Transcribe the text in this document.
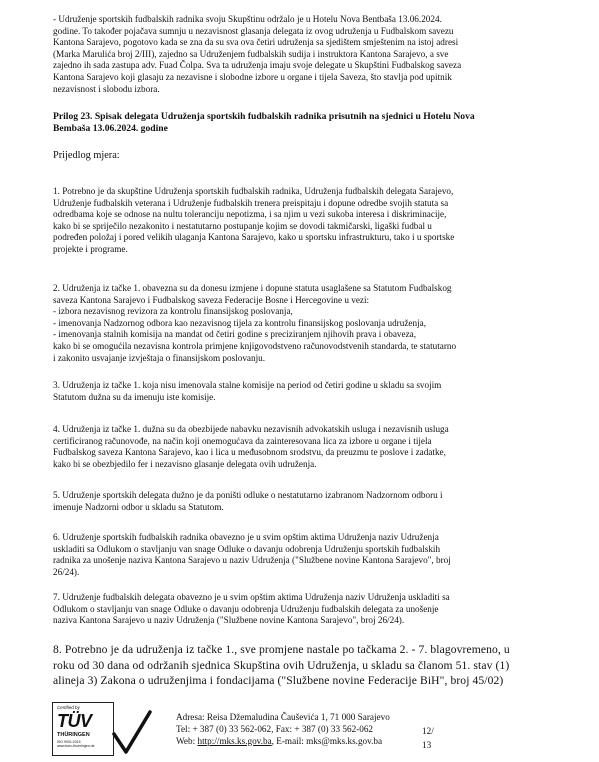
- Udruženje sportskih fudbalskih radnika svoju Skupštinu održalo je u Hotelu Nova Bentbaša 13.06.2024.
godine. To također pojačava sumnju u nezavisnost glasanja delegata iz ovog udruženja u Fudbalskom savezu
Kantona Sarajevo, pogotovo kada se zna da su sva ova četiri udruženja sa sjedištem smještenim na istoj adresi
(Marka Marulića broj 2/III), zajedno sa Udruženjem fudbalskih sudija i instruktora Kantona Sarajevo, a sve
zajedno ih sada zastupa adv. Fuad Čolpa. Sva ta udruženja imaju svoje delegate u Skupštini Fudbalskog saveza
Kantona Sarajevo koji glasaju za nezavisne i slobodne izbore u organe i tijela Saveza, što stavlja pod upitnik
nezavisnost i slobodu izbora.
Prilog 23. Spisak delegata Udruženja sportskih fudbalskih radnika prisutnih na sjednici u Hotelu Nova
Bembaša 13.06.2024. godine
Prijedlog mjera:
1. Potrebno je da skupštine Udruženja sportskih fudbalskih radnika, Udruženja fudbalskih delegata Sarajevo,
Udruženje fudbalskih veterana i Udruženje fudbalskih trenera preispitaju i dopune odredbe svojih statuta sa
odredbama koje se odnose na nultu toleranciju nepotizma, i sa njim u vezi sukoba interesa i diskriminacije,
kako bi se spriječilo nezakonito i nestatutarno postupanje kojim se dovodi takmičarski, ligaški fudbal u
podređen položaj i pored velikih ulaganja Kantona Sarajevo, kako u sportsku infrastrukturu, tako i u sportske
projekte i programe.
2. Udruženja iz tačke 1. obavezna su da donesu izmjene i dopune statuta usaglašene sa Statutom Fudbalskog
saveza Kantona Sarajevo i Fudbalskog saveza Federacije Bosne i Hercegovine u vezi:
- izbora nezavisnog revizora za kontrolu finansijskog poslovanja,
- imenovanja Nadzornog odbora kao nezavisnog tijela za kontrolu finansijskog poslovanja udruženja,
- imenovanja stalnih komisija na mandat od četiri godine s preciziranjem njihovih prava i obaveza,
kako bi se omogućila nezavisna kontrola primjene knjigovodstveno računovodstvenih standarda, te statutarno
i zakonito usvajanje izvještaja o finansijskom poslovanju.
3. Udruženja iz tačke 1. koja nisu imenovala stalne komisije na period od četiri godine u skladu sa svojim
Statutom dužna su da imenuju iste komisije.
4. Udruženja iz tačke 1. dužna su da obezbijede nabavku nezavisnih advokatskih usluga i nezavisnih usluga
certificiranog računovođe, na način koji onemogućava da zainteresovana lica za izbore u organe i tijela
Fudbalskog saveza Kantona Sarajevo, kao i lica u međusobnom srodstvu, da preuzmu te poslove i zadatke,
kako bi se obezbjedilo fer i nezavisno glasanje delegata ovih udruženja.
5. Udruženje sportskih delegata dužno je da poništi odluke o nestatutarno izabranom Nadzornom odboru i
imenuje Nadzorni odbor u skladu sa Statutom.
6. Udruženje sportskih fudbalskih radnika obavezno je u svim opštim aktima Udruženja naziv Udruženja
uskladiti sa Odlukom o stavljanju van snage Odluke o davanju odobrenja Udruženju sportskih fudbalskih
radnika za unošenje naziva Kantona Sarajevo u naziv Udruženja ("Službene novine Kantona Sarajevo", broj
26/24).
7. Udruženje fudbalskih delegata obavezno je u svim opštim aktima Udruženja naziv Udruženja uskladiti sa
Odlukom o stavljanju van snage Odluke o davanju odobrenja Udruženju fudbalskih delegata za unošenje
naziva Kantona Sarajevo u naziv Udruženja ("Službene novine Kantona Sarajevo", broj 26/24).
8. Potrebno je da udruženja iz tačke 1., sve promjene nastale po tačkama 2. - 7. blagovremeno, u
roku od 30 dana od održanih sjednica Skupština ovih Udruženja, u skladu sa članom 51. stav (1)
alineja 3) Zakona o udruženjima i fondacijama ("Službene novine Federacije BiH", broj 45/02)
Certified by
TÜV
THÜRINGEN
ISO 9001:2015
www.tuev-thueringen.de
Adresa: Reisa Džemaludina Čauševića 1, 71 000 Sarajevo
Tel: + 387 (0) 33 562-062, Fax: + 387 (0) 33 562-062
Web: http://mks.ks.gov.ba, E-mail: mks@mks.ks.gov.ba
12/
13
